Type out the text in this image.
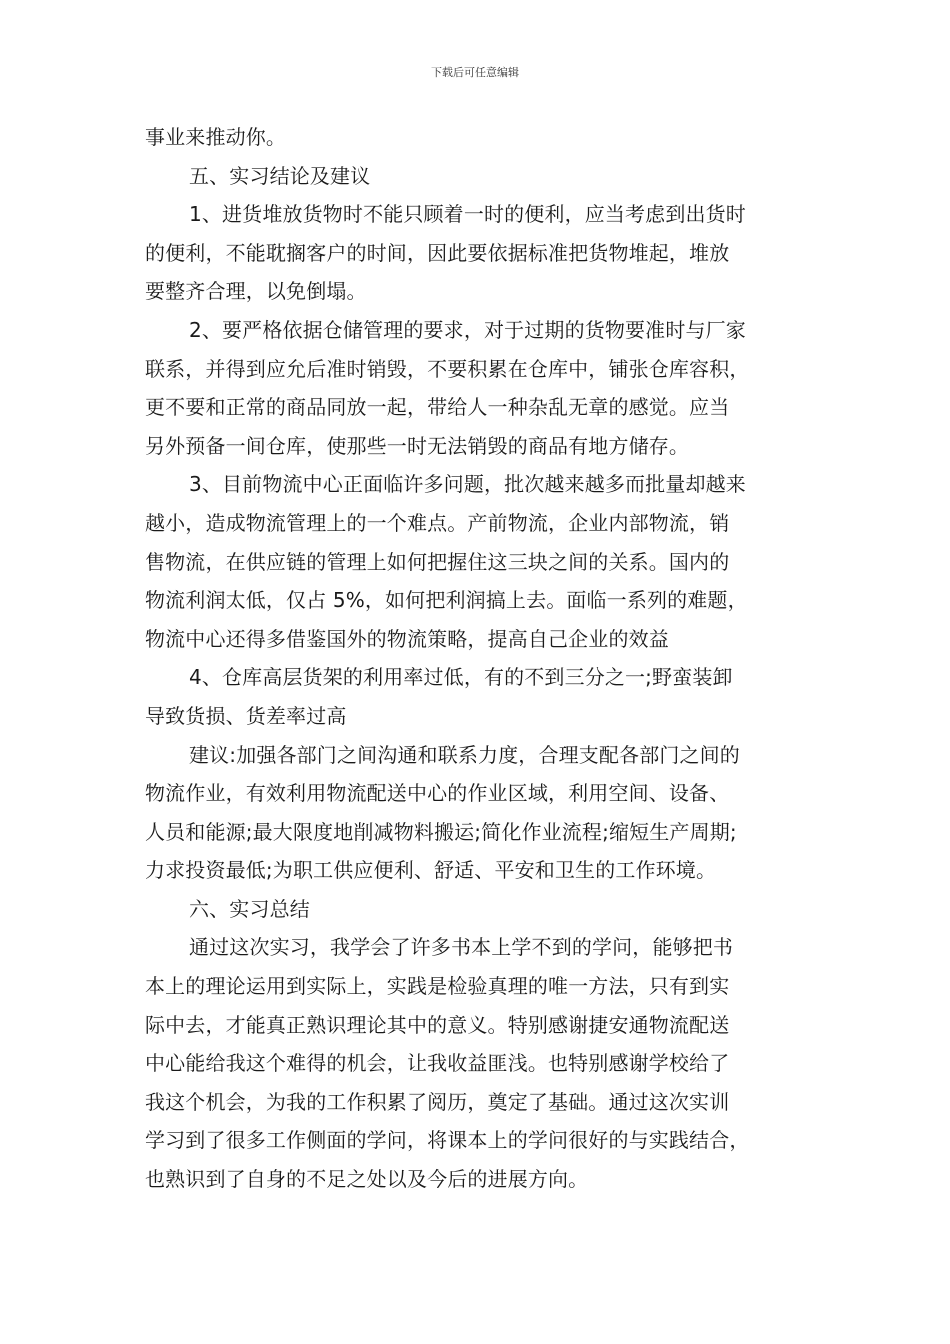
下载后可任意编辑
事业来推动你。
五、实习结论及建议
1、进货堆放货物时不能只顾着一时的便利，应当考虑到出货时
的便利，不能耽搁客户的时间，因此要依据标准把货物堆起，堆放
要整齐合理，以免倒塌。
2、要严格依据仓储管理的要求，对于过期的货物要准时与厂家
联系，并得到应允后准时销毁，不要积累在仓库中，铺张仓库容积，
更不要和正常的商品同放一起，带给人一种杂乱无章的感觉。应当
另外预备一间仓库，使那些一时无法销毁的商品有地方储存。
3、目前物流中心正面临许多问题，批次越来越多而批量却越来
越小，造成物流管理上的一个难点。产前物流，企业内部物流，销
售物流，在供应链的管理上如何把握住这三块之间的关系。国内的
物流利润太低，仅占 5%，如何把利润搞上去。面临一系列的难题，
物流中心还得多借鉴国外的物流策略，提高自己企业的效益
4、仓库高层货架的利用率过低，有的不到三分之一;野蛮装卸
导致货损、货差率过高
建议:加强各部门之间沟通和联系力度，合理支配各部门之间的
物流作业，有效利用物流配送中心的作业区域，利用空间、设备、
人员和能源;最大限度地削减物料搬运;简化作业流程;缩短生产周期;
力求投资最低;为职工供应便利、舒适、平安和卫生的工作环境。
六、实习总结
通过这次实习，我学会了许多书本上学不到的学问，能够把书
本上的理论运用到实际上，实践是检验真理的唯一方法，只有到实
际中去，才能真正熟识理论其中的意义。特别感谢捷安通物流配送
中心能给我这个难得的机会，让我收益匪浅。也特别感谢学校给了
我这个机会，为我的工作积累了阅历，奠定了基础。通过这次实训
学习到了很多工作侧面的学问，将课本上的学问很好的与实践结合，
也熟识到了自身的不足之处以及今后的进展方向。
